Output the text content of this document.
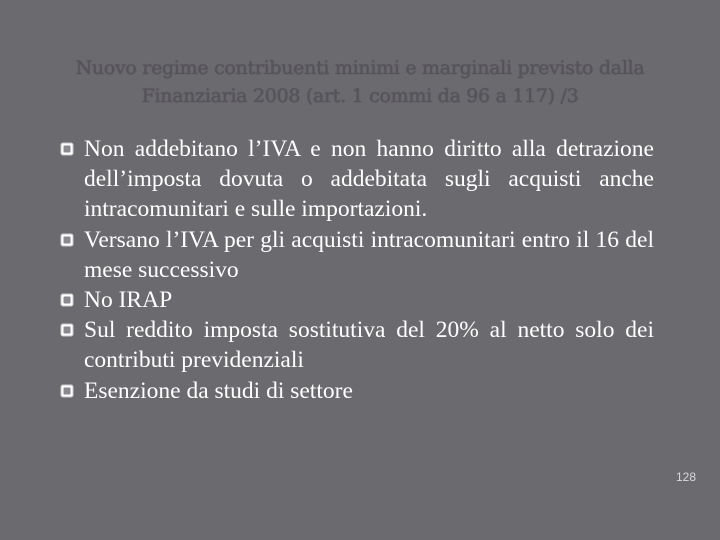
Nuovo regime contribuenti minimi e marginali previsto dalla
Finanziaria 2008 (art. 1 commi da 96 a 117) /3

Non addebitano l’IVA e non hanno diritto alla detrazione dell’imposta dovuta o addebitata sugli acquisti anche intracomunitari e sulle importazioni.

Versano l’IVA per gli acquisti intracomunitari entro il 16 del mese successivo

No IRAP

Sul reddito imposta sostitutiva del 20% al netto solo dei contributi previdenziali

Esenzione da studi di settore

128
